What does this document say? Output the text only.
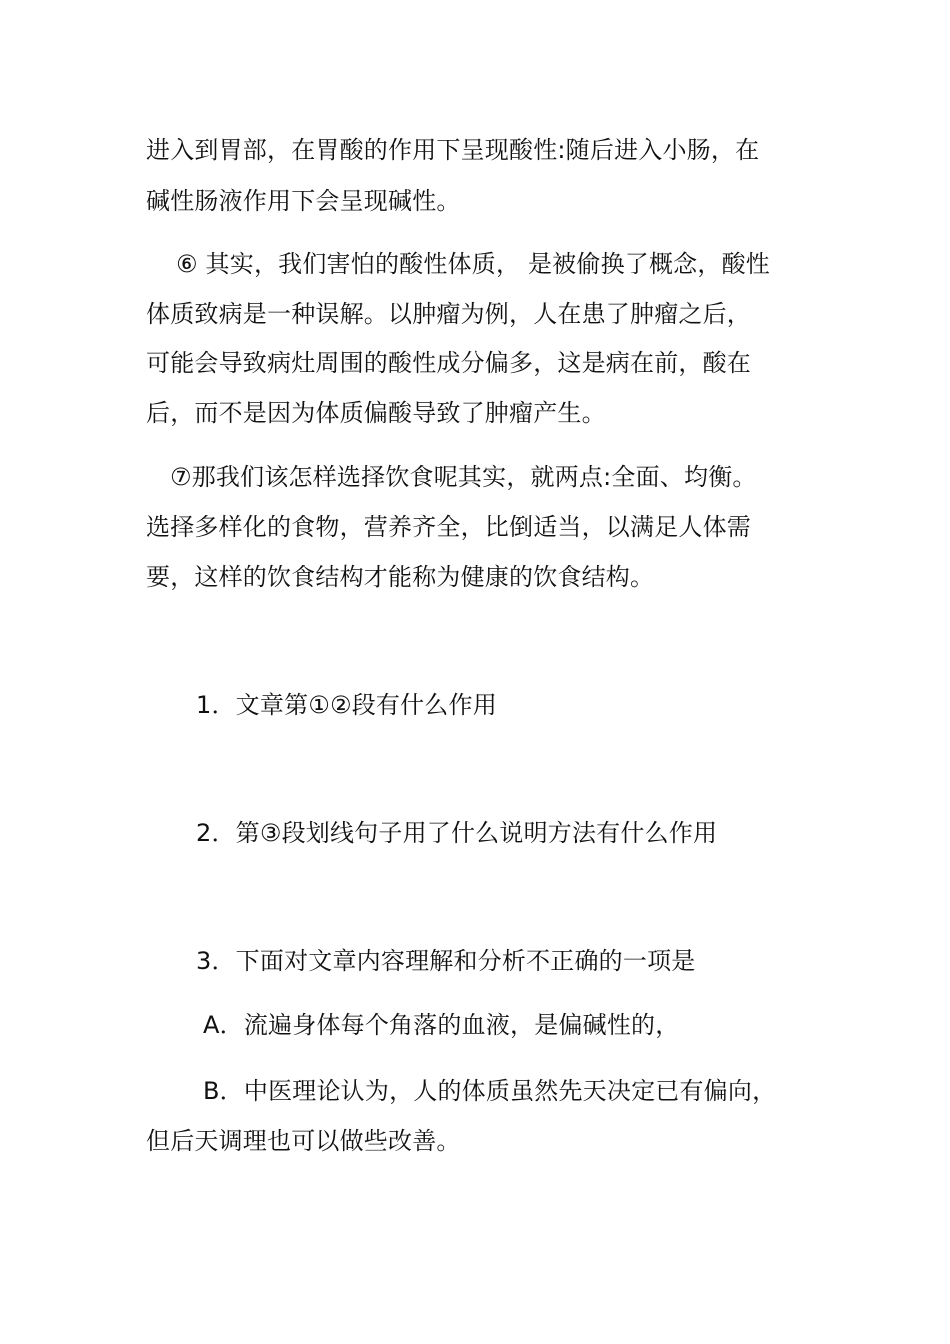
进入到胃部，在胃酸的作用下呈现酸性:随后进入小肠，在
碱性肠液作用下会呈现碱性。
⑥ 其实，我们害怕的酸性体质， 是被偷换了概念，酸性
体质致病是一种误解。以肿瘤为例，人在患了肿瘤之后，
可能会导致病灶周围的酸性成分偏多，这是病在前，酸在
后，而不是因为体质偏酸导致了肿瘤产生。
⑦那我们该怎样选择饮食呢其实，就两点:全面、均衡。
选择多样化的食物，营养齐全，比倒适当，以满足人体需
要，这样的饮食结构才能称为健康的饮食结构。
1．文章第①②段有什么作用
2．第③段划线句子用了什么说明方法有什么作用
3．下面对文章内容理解和分析不正确的一项是
A．流遍身体每个角落的血液，是偏碱性的，
B．中医理论认为，人的体质虽然先天决定已有偏向，
但后天调理也可以做些改善。
